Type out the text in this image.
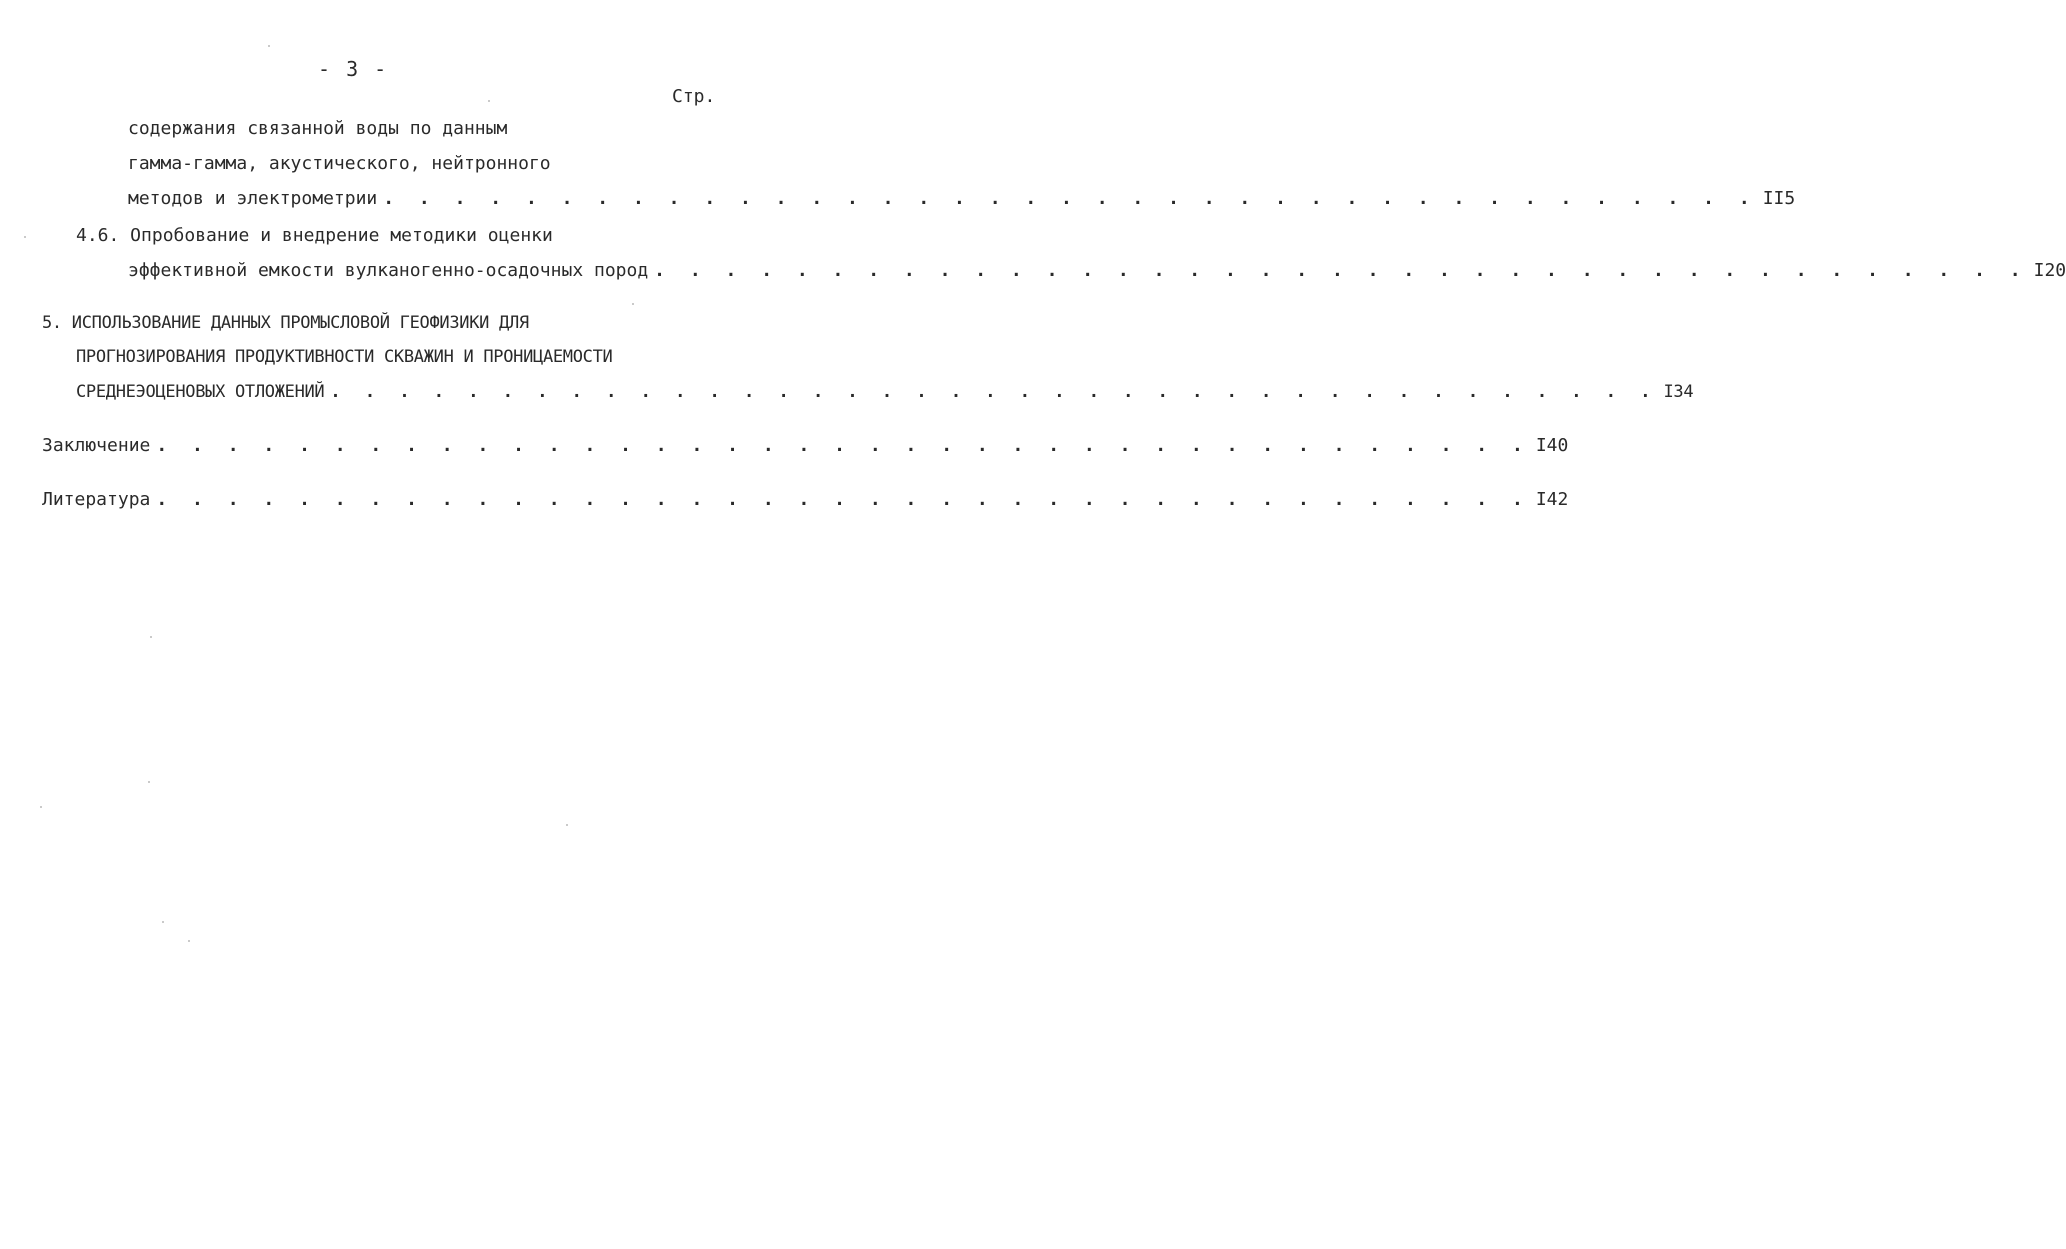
- 3 -
Стр.
содержания связанной воды по данным
гамма-гамма, акустического, нейтронного
методов и электрометрии . . . . . . . . . . . . . . . . . . . . . . . . . . . . . . . . . . . . . . . II5
4.6. Опробование и внедрение методики оценки
эффективной емкости вулканогенно-осадочных пород . . . . . . . . . . . . . . . . . . . . . . . . . . . . . . . . . . . . . . . I20
5. ИСПОЛЬЗОВАНИЕ ДАННЫХ ПРОМЫСЛОВОЙ ГЕОФИЗИКИ ДЛЯ
ПРОГНОЗИРОВАНИЯ ПРОДУКТИВНОСТИ СКВАЖИН И ПРОНИЦАЕМОСТИ
СРЕДНЕЭОЦЕНОВЫХ ОТЛОЖЕНИЙ . . . . . . . . . . . . . . . . . . . . . . . . . . . . . . . . . . . . . . . I34
Заключение . . . . . . . . . . . . . . . . . . . . . . . . . . . . . . . . . . . . . . . I40
Литература . . . . . . . . . . . . . . . . . . . . . . . . . . . . . . . . . . . . . . . I42
